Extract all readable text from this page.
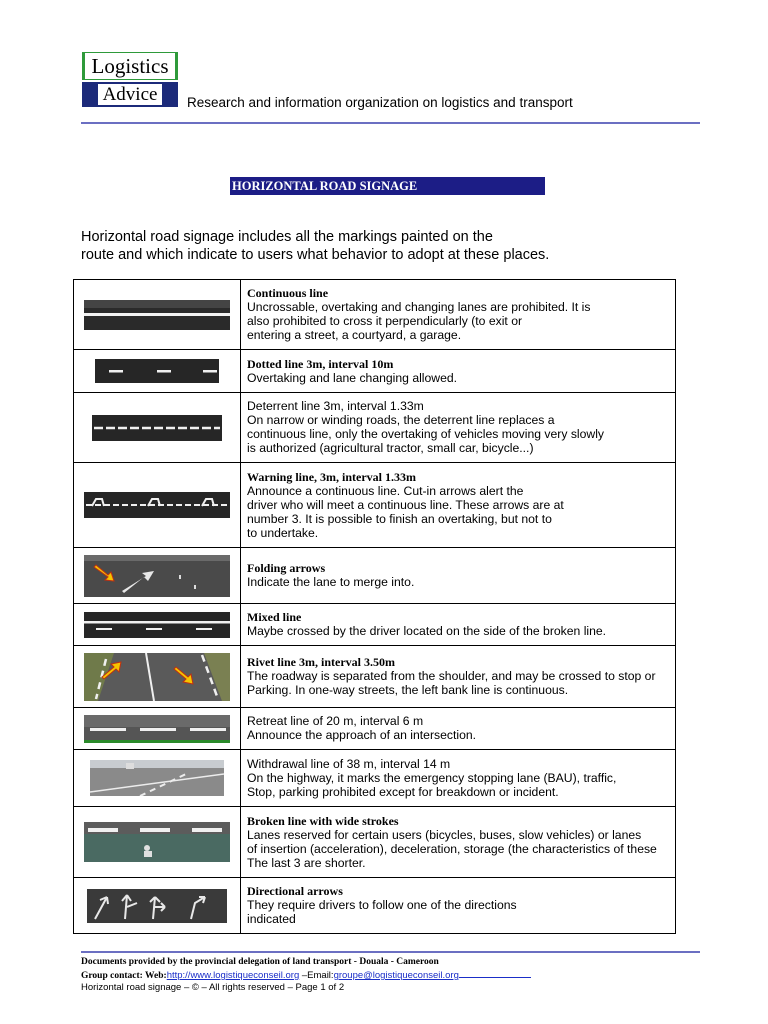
Logistics
Advice	Research and information organization on logistics and transport
HORIZONTAL ROAD SIGNAGE
Horizontal road signage includes all the markings painted on the
route and which indicate to users what behavior to adopt at these places.

Continuous line
Uncrossable, overtaking and changing lanes are prohibited. It is
also prohibited to cross it perpendicularly (to exit or
entering a street, a courtyard, a garage.

Dotted line 3m, interval 10m
Overtaking and lane changing allowed.

Deterrent line 3m, interval 1.33m
On narrow or winding roads, the deterrent line replaces a
continuous line, only the overtaking of vehicles moving very slowly
is authorized (agricultural tractor, small car, bicycle...)

Warning line, 3m, interval 1.33m
Announce a continuous line. Cut-in arrows alert the
driver who will meet a continuous line. These arrows are at
number 3. It is possible to finish an overtaking, but not to
to undertake.

Folding arrows
Indicate the lane to merge into.

Mixed line
Maybe crossed by the driver located on the side of the broken line.

Rivet line 3m, interval 3.50m
The roadway is separated from the shoulder, and may be crossed to stop or
Parking. In one-way streets, the left bank line is continuous.

Retreat line of 20 m, interval 6 m
Announce the approach of an intersection.

Withdrawal line of 38 m, interval 14 m
On the highway, it marks the emergency stopping lane (BAU), traffic,
Stop, parking prohibited except for breakdown or incident.

Broken line with wide strokes
Lanes reserved for certain users (bicycles, buses, slow vehicles) or lanes
of insertion (acceleration), deceleration, storage (the characteristics of these
The last 3 are shorter.

Directional arrows
They require drivers to follow one of the directions
indicated
Documents provided by the provincial delegation of land transport - Douala - Cameroon
Group contact: Web:http://www.logistiqueconseil.org –Email:groupe@logistiqueconseil.org
Horizontal road signage – © – All rights reserved – Page 1 of 2
